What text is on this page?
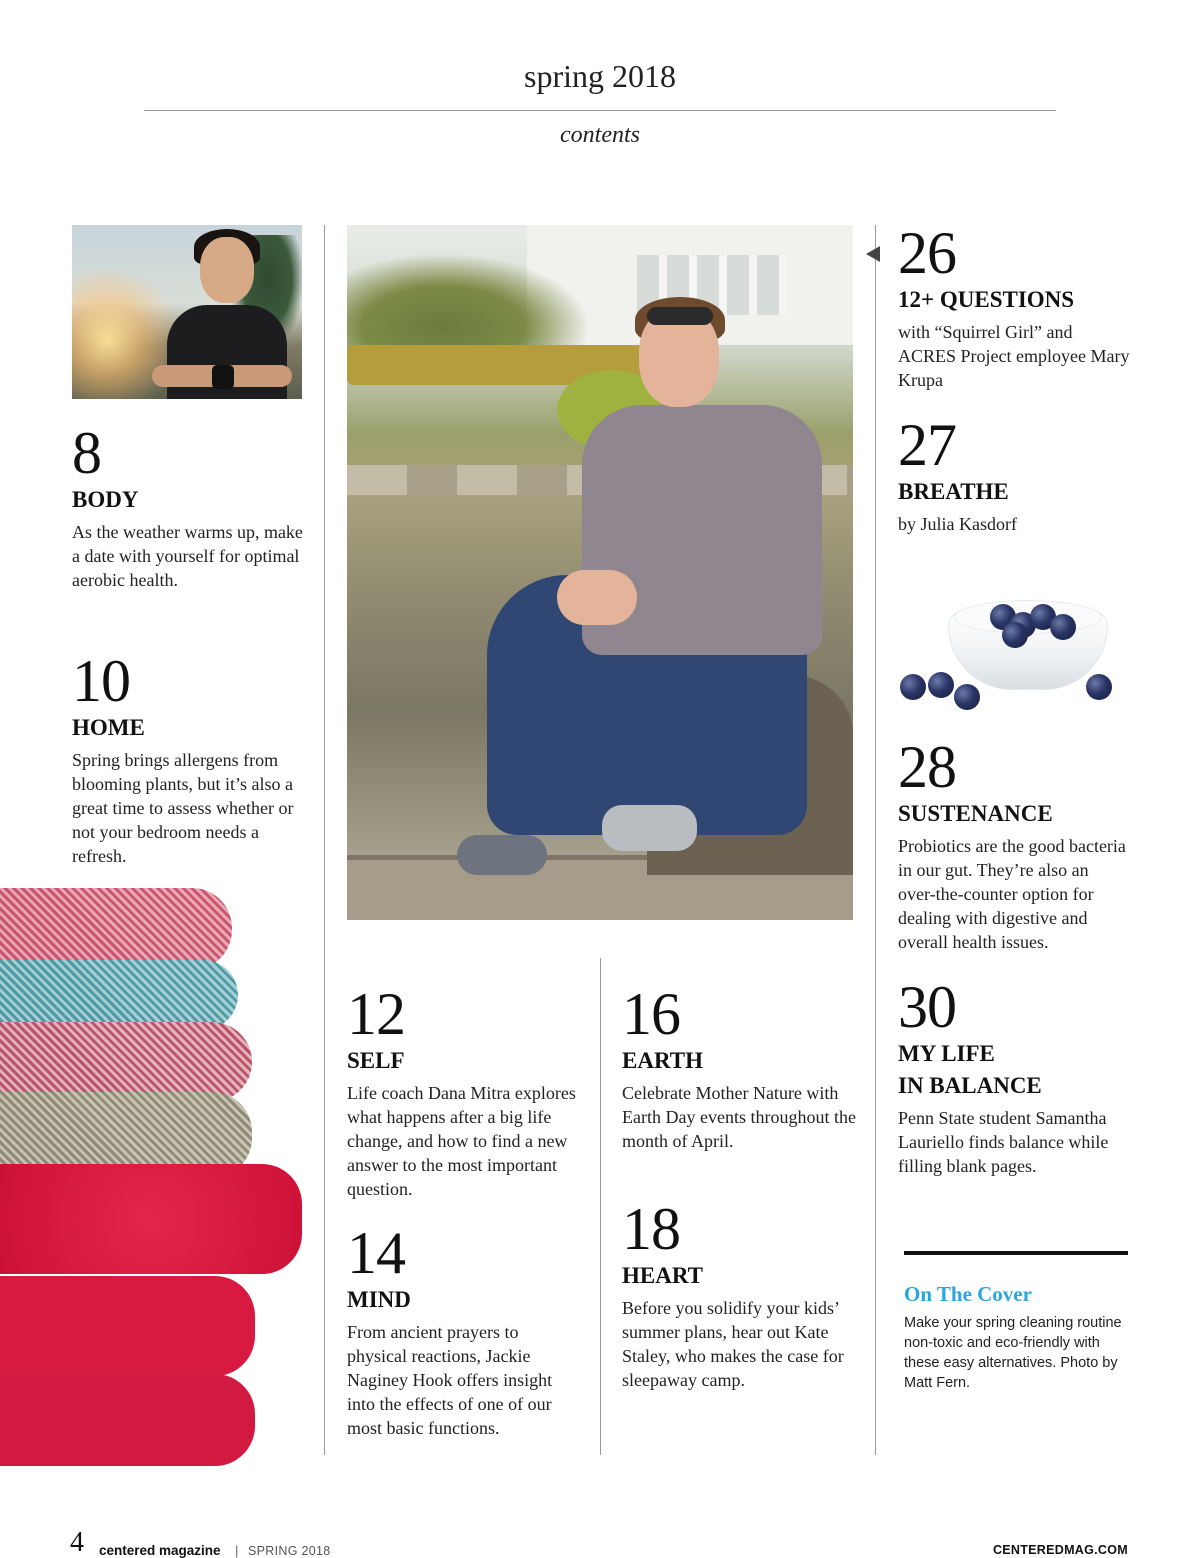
spring 2018
contents
8
BODY
As the weather warms up, make a date with yourself for optimal aerobic health.
10
HOME
Spring brings allergens from blooming plants, but it’s also a great time to assess whether or not your bedroom needs a refresh.
12
SELF
Life coach Dana Mitra explores what happens after a big life change, and how to find a new answer to the most important question.
14
MIND
From ancient prayers to physical reactions, Jackie Naginey Hook offers insight into the effects of one of our most basic functions.
16
EARTH
Celebrate Mother Nature with Earth Day events throughout the month of April.
18
HEART
Before you solidify your kids’ summer plans, hear out Kate Staley, who makes the case for sleepaway camp.
26
12+ QUESTIONS
with “Squirrel Girl” and ACRES Project employee Mary Krupa
27
BREATHE
by Julia Kasdorf
28
SUSTENANCE
Probiotics are the good bacteria in our gut. They’re also an over-the-counter option for dealing with digestive and overall health issues.
30
MY LIFE
IN BALANCE
Penn State student Samantha Lauriello finds balance while filling blank pages.
On The Cover
Make your spring cleaning routine non-toxic and eco-friendly with these easy alternatives. Photo by Matt Fern.
4 centered magazine | SPRING 2018	CENTEREDMAG.COM
